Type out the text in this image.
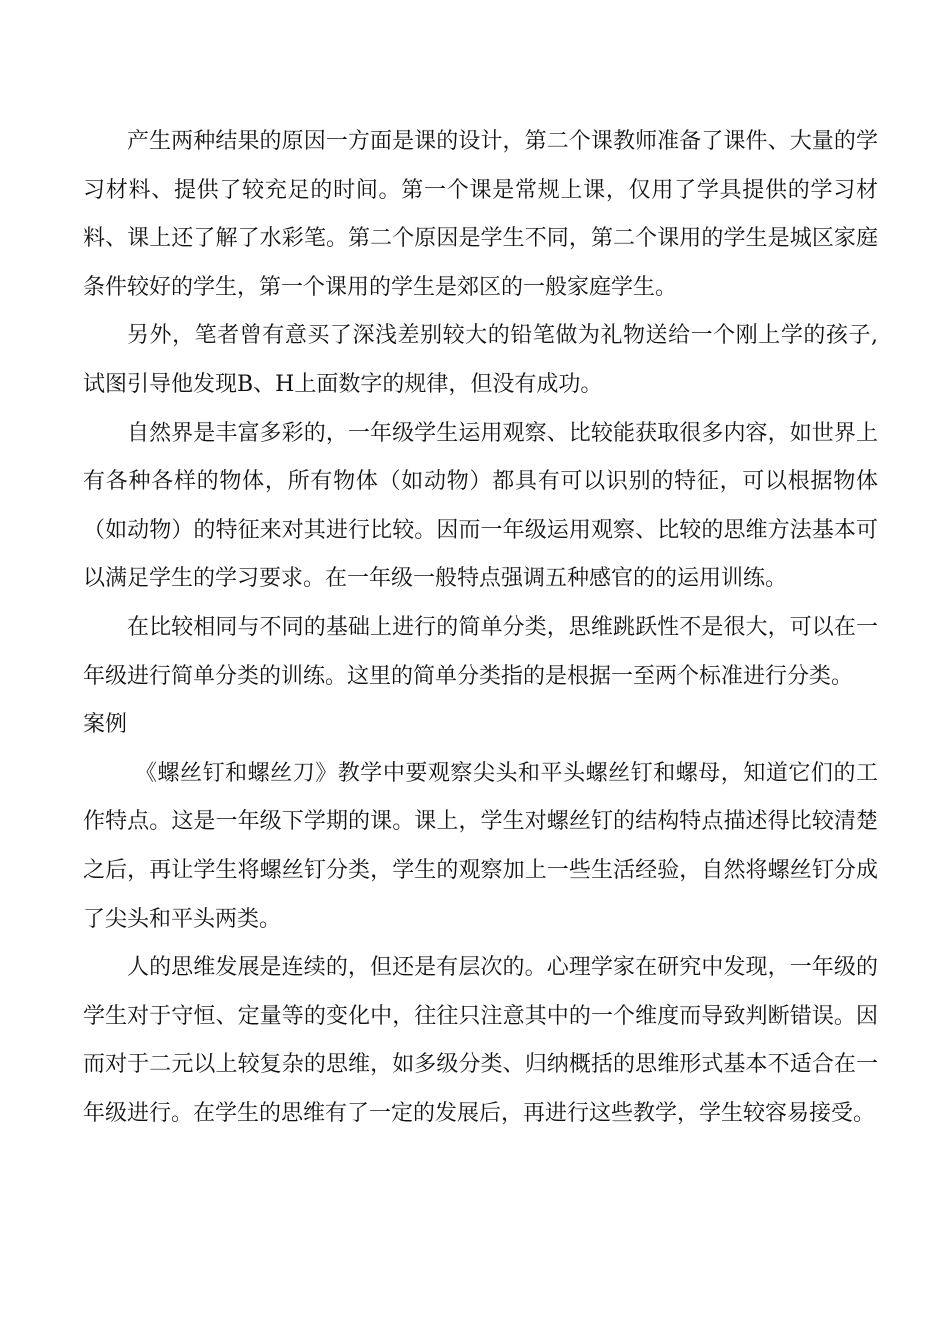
产生两种结果的原因一方面是课的设计，第二个课教师准备了课件、大量的学习材料、提供了较充足的时间。第一个课是常规上课，仅用了学具提供的学习材料、课上还了解了水彩笔。第二个原因是学生不同，第二个课用的学生是城区家庭条件较好的学生，第一个课用的学生是郊区的一般家庭学生。

另外，笔者曾有意买了深浅差别较大的铅笔做为礼物送给一个刚上学的孩子,试图引导他发现B、H上面数字的规律，但没有成功。

自然界是丰富多彩的，一年级学生运用观察、比较能获取很多内容，如世界上有各种各样的物体，所有物体（如动物）都具有可以识别的特征，可以根据物体（如动物）的特征来对其进行比较。因而一年级运用观察、比较的思维方法基本可以满足学生的学习要求。在一年级一般特点强调五种感官的的运用训练。

在比较相同与不同的基础上进行的简单分类，思维跳跃性不是很大，可以在一年级进行简单分类的训练。这里的简单分类指的是根据一至两个标准进行分类。

案例

《螺丝钉和螺丝刀》教学中要观察尖头和平头螺丝钉和螺母，知道它们的工作特点。这是一年级下学期的课。课上，学生对螺丝钉的结构特点描述得比较清楚之后，再让学生将螺丝钉分类，学生的观察加上一些生活经验，自然将螺丝钉分成了尖头和平头两类。

人的思维发展是连续的，但还是有层次的。心理学家在研究中发现，一年级的学生对于守恒、定量等的变化中，往往只注意其中的一个维度而导致判断错误。因而对于二元以上较复杂的思维，如多级分类、归纳概括的思维形式基本不适合在一年级进行。在学生的思维有了一定的发展后，再进行这些教学，学生较容易接受。
